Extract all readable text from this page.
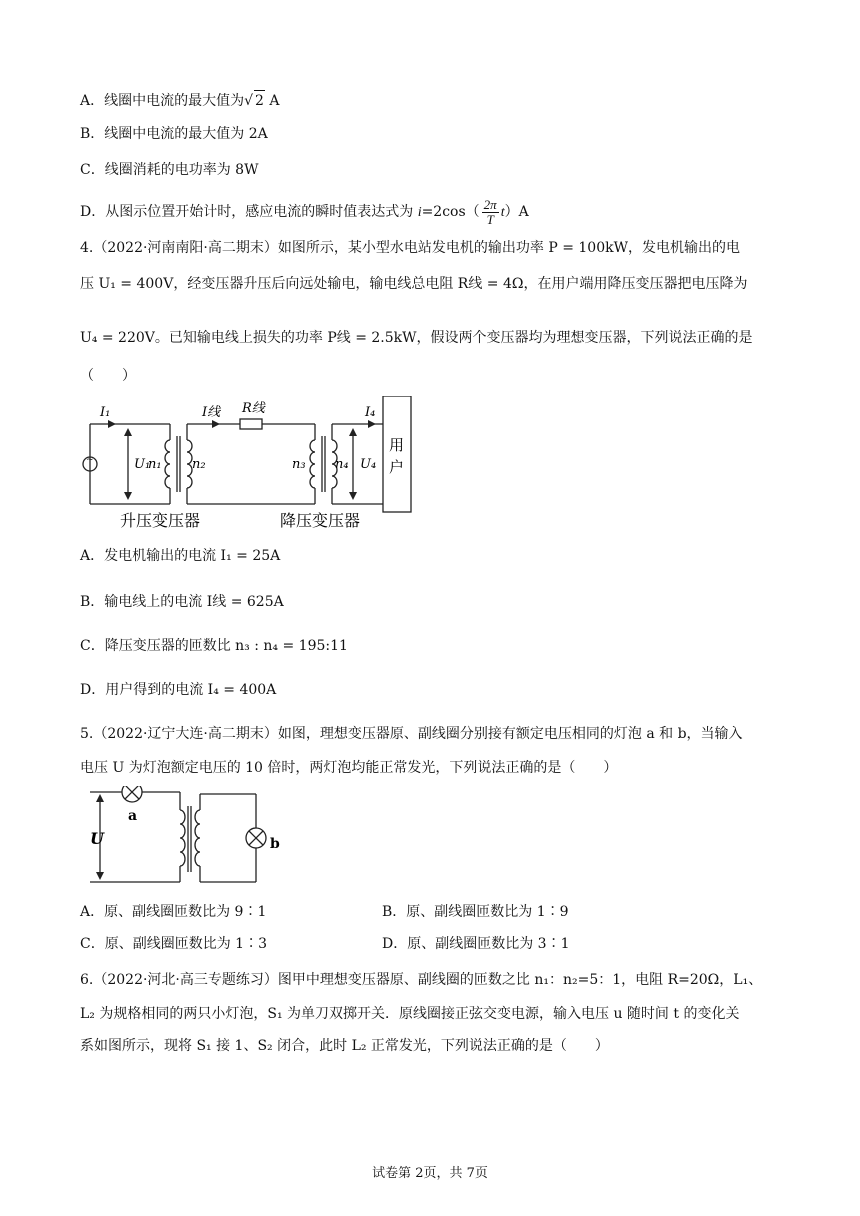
A．线圈中电流的最大值为√ 2 A
B．线圈中电流的最大值为 2A
C．线圈消耗的电功率为 8W
D．从图示位置开始计时，感应电流的瞬时值表达式为 $i=2\cos( \frac{2\pi}{T} t)A$
4.（2022·河南南阳·高二期末）如图所示，某小型水电站发电机的输出功率 P = 100kW，发电机输出的电
压 U₁ = 400V，经变压器升压后向远处输电，输电线总电阻 R线 = 4Ω，在用户端用降压变压器把电压降为
U₄ = 220V。已知输电线上损失的功率 P线 = 2.5kW，假设两个变压器均为理想变压器，下列说法正确的是
（　　）
~
I₁	I线 R线	I₄
U₁
n₁ n₂	n₃ n₄ U₄
用
户
升压变压器	降压变压器
A．发电机输出的电流 I₁ = 25A
B．输电线上的电流 I线 = 625A
C．降压变压器的匝数比 n₃ : n₄ = 195:11
D．用户得到的电流 I₄ = 400A
5.（2022·辽宁大连·高二期末）如图，理想变压器原、副线圈分别接有额定电压相同的灯泡 a 和 b，当输入
电压 U 为灯泡额定电压的 10 倍时，两灯泡均能正常发光，下列说法正确的是（　　）
U
a
b
A．原、副线圈匝数比为 9∶1	B．原、副线圈匝数比为 1∶9
C．原、副线圈匝数比为 1∶3	D．原、副线圈匝数比为 3∶1
6.（2022·河北·高三专题练习）图甲中理想变压器原、副线圈的匝数之比 n₁：n₂=5：1，电阻 R=20Ω，L₁、
L₂ 为规格相同的两只小灯泡，S₁ 为单刀双掷开关．原线圈接正弦交变电源，输入电压 u 随时间 t 的变化关
系如图所示，现将 S₁ 接 1、S₂ 闭合，此时 L₂ 正常发光，下列说法正确的是（　　）
试卷第 2页，共 7页
